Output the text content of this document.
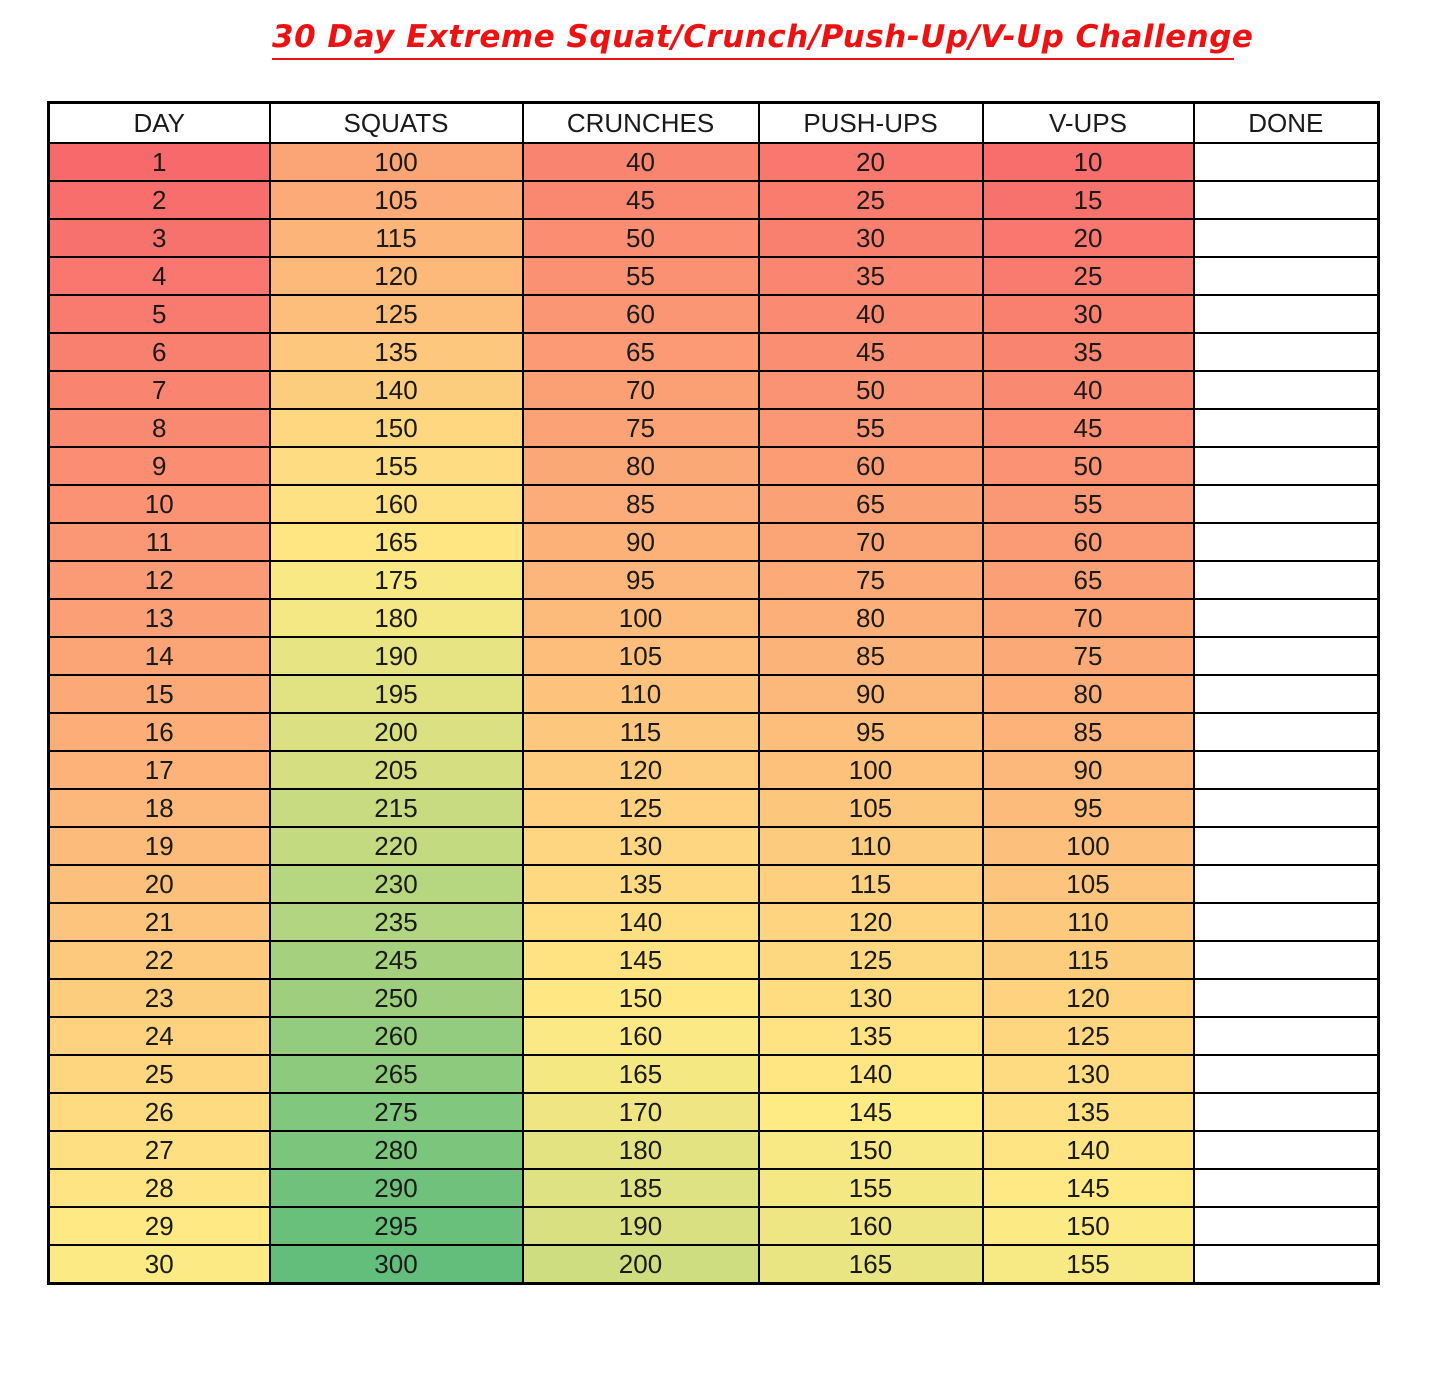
30 Day Extreme Squat/Crunch/Push-Up/V-Up Challenge
DAY	SQUATS	CRUNCHES	PUSH-UPS	V-UPS	DONE
1	100	40	20	10	
2	105	45	25	15	
3	115	50	30	20	
4	120	55	35	25	
5	125	60	40	30	
6	135	65	45	35	
7	140	70	50	40	
8	150	75	55	45	
9	155	80	60	50	
10	160	85	65	55	
11	165	90	70	60	
12	175	95	75	65	
13	180	100	80	70	
14	190	105	85	75	
15	195	110	90	80	
16	200	115	95	85	
17	205	120	100	90	
18	215	125	105	95	
19	220	130	110	100	
20	230	135	115	105	
21	235	140	120	110	
22	245	145	125	115	
23	250	150	130	120	
24	260	160	135	125	
25	265	165	140	130	
26	275	170	145	135	
27	280	180	150	140	
28	290	185	155	145	
29	295	190	160	150	
30	300	200	165	155	
